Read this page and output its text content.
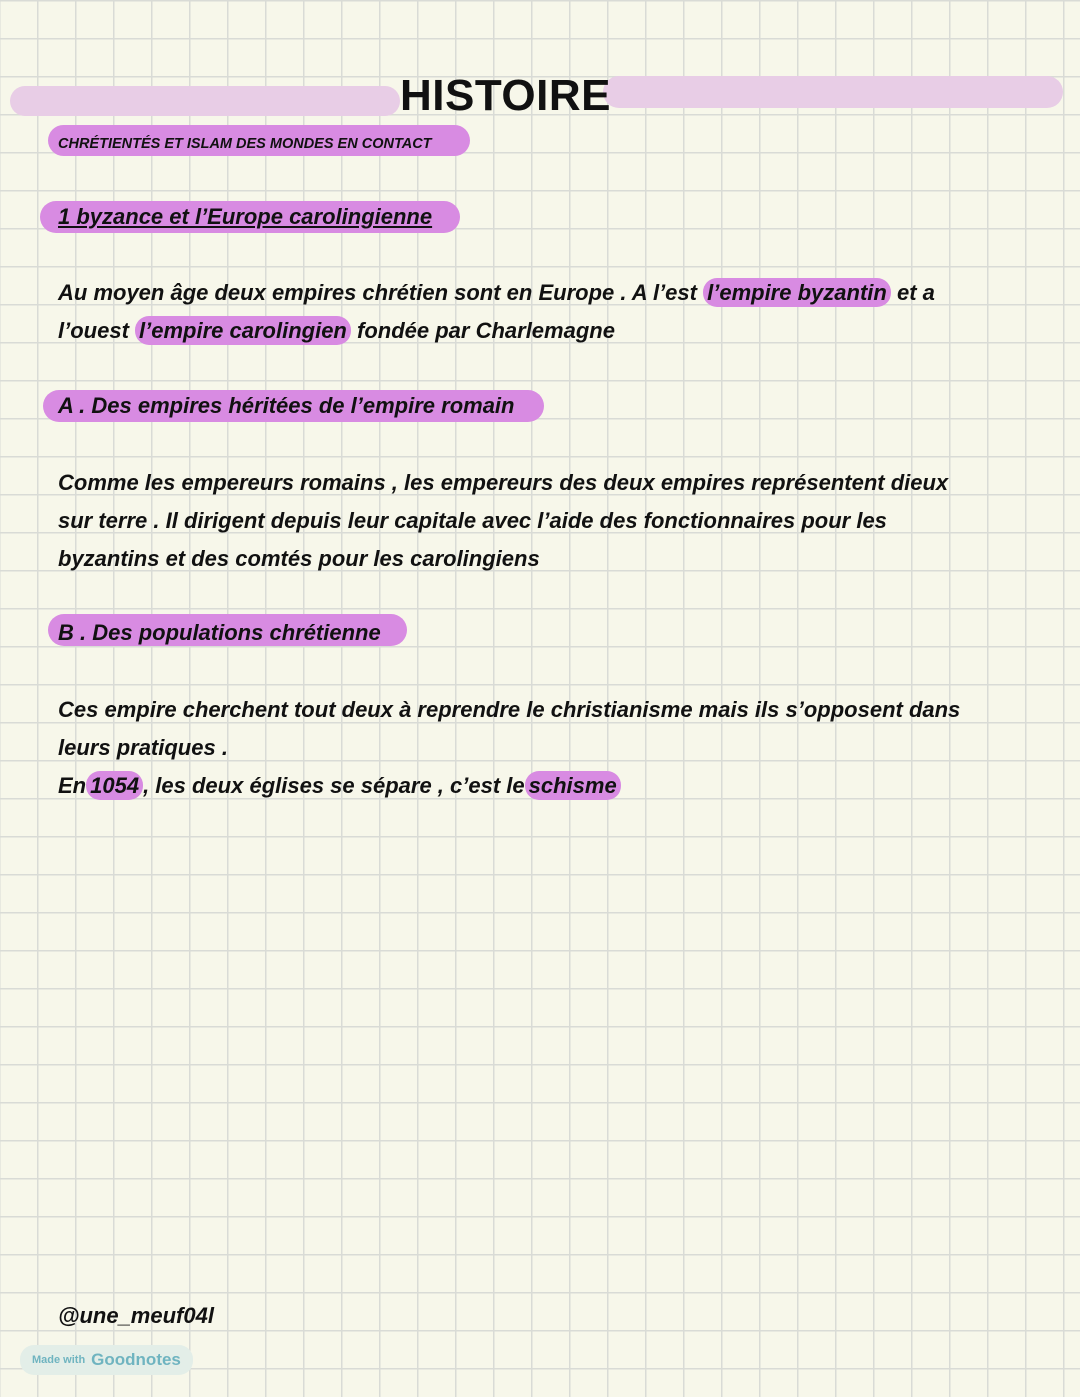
HISTOIRE
CHRÉTIENTÉS ET ISLAM DES MONDES EN CONTACT
1 byzance et l’Europe carolingienne
Au moyen âge deux empires chrétien sont en Europe . A l’est l’empire byzantin et a
l’ouest l’empire carolingien fondée par Charlemagne
A . Des empires héritées de l’empire romain
Comme les empereurs romains , les empereurs des deux empires représentent dieux
sur terre . Il dirigent depuis leur capitale avec l’aide des fonctionnaires pour les
byzantins et des comtés pour les carolingiens
B . Des populations chrétienne
Ces empire cherchent tout deux à reprendre le christianisme mais ils s’opposent dans
leurs pratiques .
En 1054 , les deux églises se sépare , c’est le schisme
@une_meuf04l
Made with Goodnotes
